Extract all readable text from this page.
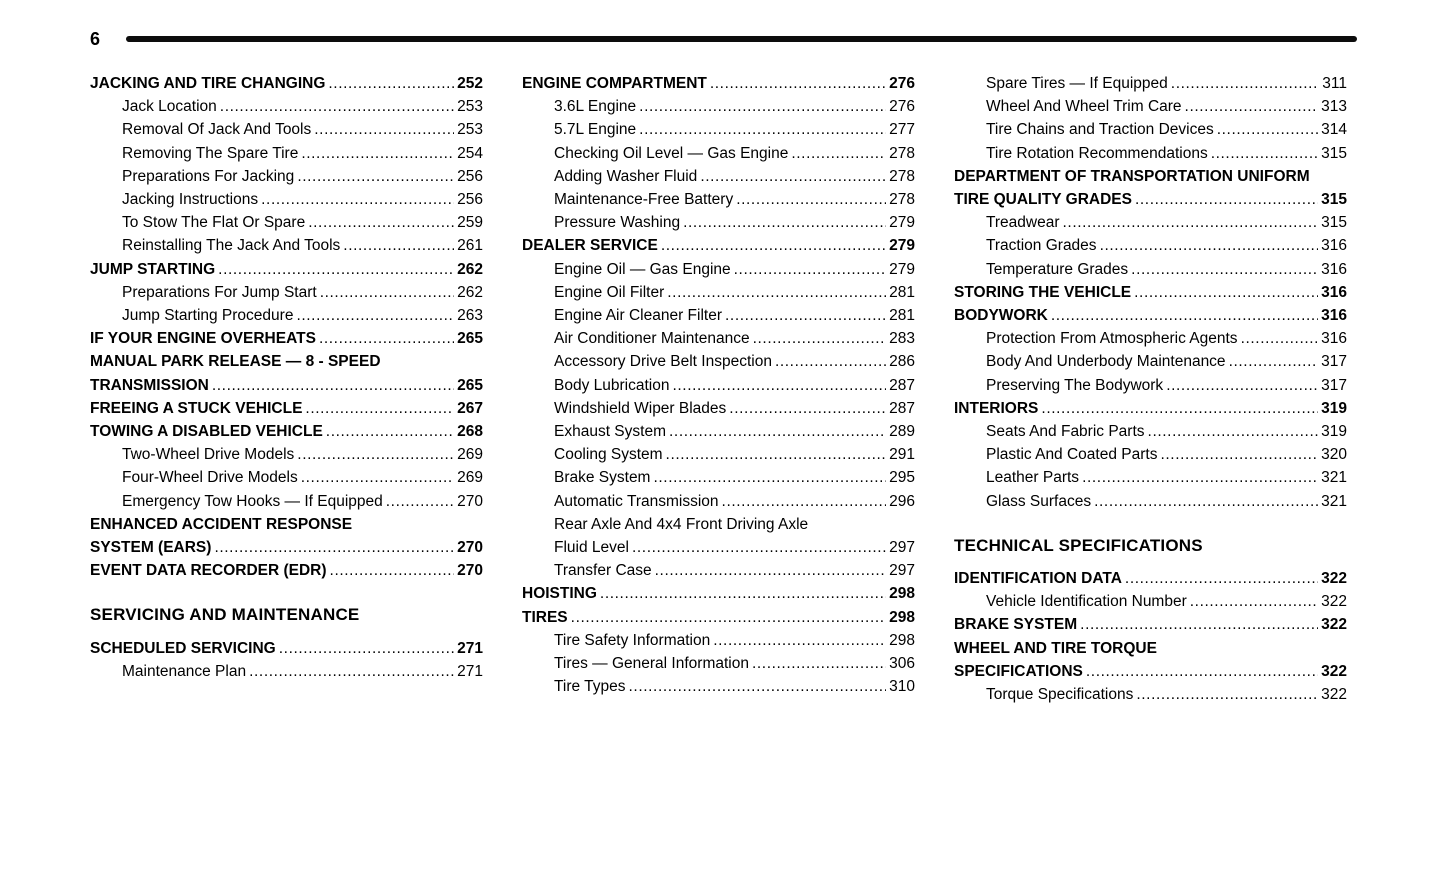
6
JACKING AND TIRE CHANGING .....	252
Jack Location .....	253
Removal Of Jack And Tools .....	253
Removing The Spare Tire .....	254
Preparations For Jacking .....	256
Jacking Instructions .....	256
To Stow The Flat Or Spare .....	259
Reinstalling The Jack And Tools .....	261
JUMP STARTING .....	262
Preparations For Jump Start .....	262
Jump Starting Procedure .....	263
IF YOUR ENGINE OVERHEATS .....	265
MANUAL PARK RELEASE — 8 - SPEED
TRANSMISSION .....	265
FREEING A STUCK VEHICLE .....	267
TOWING A DISABLED VEHICLE .....	268
Two-Wheel Drive Models .....	269
Four-Wheel Drive Models .....	269
Emergency Tow Hooks — If Equipped .....	270
ENHANCED ACCIDENT RESPONSE
SYSTEM (EARS) .....	270
EVENT DATA RECORDER (EDR) .....	270
SERVICING AND MAINTENANCE
SCHEDULED SERVICING .....	271
Maintenance Plan .....	271
ENGINE COMPARTMENT .....	276
3.6L Engine .....	276
5.7L Engine .....	277
Checking Oil Level — Gas Engine .....	278
Adding Washer Fluid .....	278
Maintenance-Free Battery .....	278
Pressure Washing .....	279
DEALER SERVICE .....	279
Engine Oil — Gas Engine .....	279
Engine Oil Filter .....	281
Engine Air Cleaner Filter .....	281
Air Conditioner Maintenance .....	283
Accessory Drive Belt Inspection .....	286
Body Lubrication .....	287
Windshield Wiper Blades .....	287
Exhaust System .....	289
Cooling System .....	291
Brake System .....	295
Automatic Transmission .....	296
Rear Axle And 4x4 Front Driving Axle
Fluid Level .....	297
Transfer Case .....	297
HOISTING .....	298
TIRES .....	298
Tire Safety Information .....	298
Tires — General Information .....	306
Tire Types .....	310
Spare Tires — If Equipped .....	311
Wheel And Wheel Trim Care .....	313
Tire Chains and Traction Devices .....	314
Tire Rotation Recommendations .....	315
DEPARTMENT OF TRANSPORTATION UNIFORM
TIRE QUALITY GRADES .....	315
Treadwear .....	315
Traction Grades .....	316
Temperature Grades .....	316
STORING THE VEHICLE .....	316
BODYWORK .....	316
Protection From Atmospheric Agents .....	316
Body And Underbody Maintenance .....	317
Preserving The Bodywork .....	317
INTERIORS .....	319
Seats And Fabric Parts .....	319
Plastic And Coated Parts .....	320
Leather Parts .....	321
Glass Surfaces .....	321
TECHNICAL SPECIFICATIONS
IDENTIFICATION DATA .....	322
Vehicle Identification Number .....	322
BRAKE SYSTEM .....	322
WHEEL AND TIRE TORQUE
SPECIFICATIONS .....	322
Torque Specifications .....	322
